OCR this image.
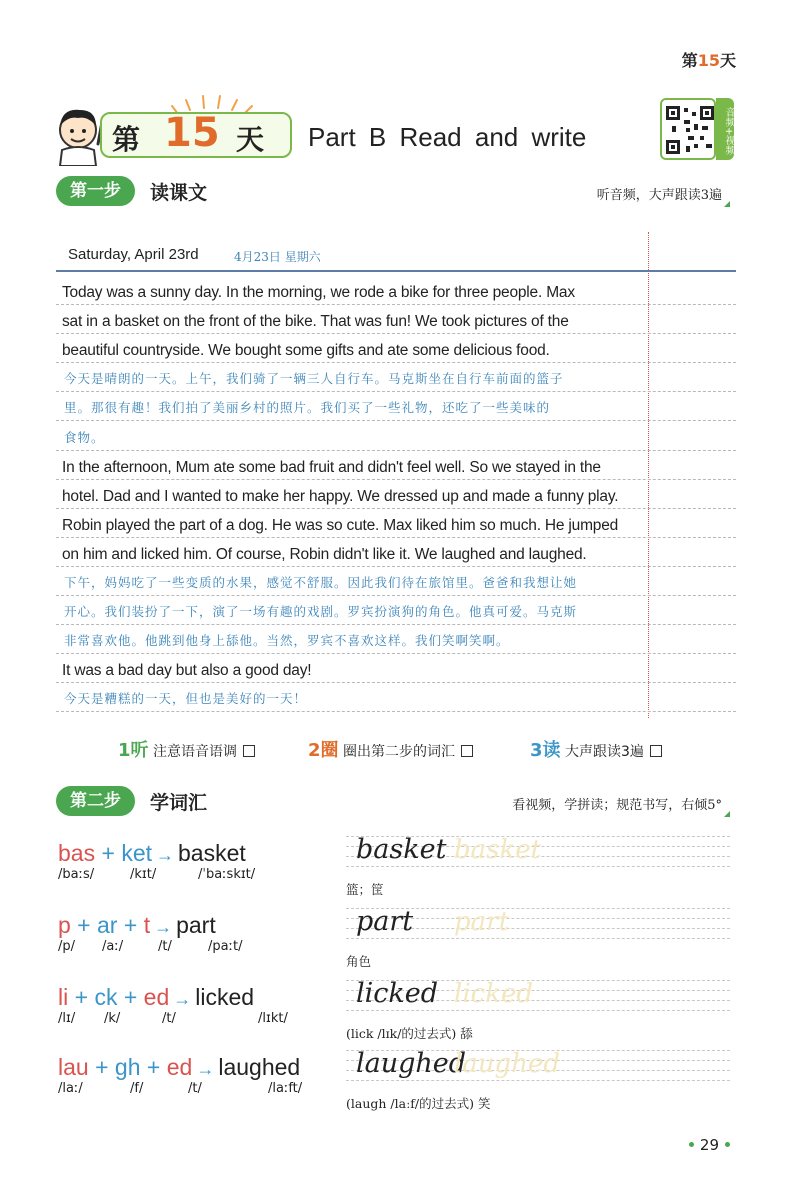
第15天
第 15 天 Part B Read and write	音频+视频
第一步	读课文	听音频，大声跟读3遍
Saturday, April 23rd	4月23日 星期六
Today was a sunny day. In the morning, we rode a bike for three people. Max
sat in a basket on the front of the bike. That was fun! We took pictures of the
beautiful countryside. We bought some gifts and ate some delicious food.
今天是晴朗的一天。上午，我们骑了一辆三人自行车。马克斯坐在自行车前面的篮子
里。那很有趣！我们拍了美丽乡村的照片。我们买了一些礼物，还吃了一些美味的
食物。
In the afternoon, Mum ate some bad fruit and didn't feel well. So we stayed in the
hotel. Dad and I wanted to make her happy. We dressed up and made a funny play.
Robin played the part of a dog. He was so cute. Max liked him so much. He jumped
on him and licked him. Of course, Robin didn't like it. We laughed and laughed.
下午，妈妈吃了一些变质的水果，感觉不舒服。因此我们待在旅馆里。爸爸和我想让她
开心。我们装扮了一下，演了一场有趣的戏剧。罗宾扮演狗的角色。他真可爱。马克斯
非常喜欢他。他跳到他身上舔他。当然，罗宾不喜欢这样。我们笑啊笑啊。
It was a bad day but also a good day!
今天是糟糕的一天，但也是美好的一天！
1听 注意语音语调	2圈 圈出第二步的词汇	3读 大声跟读3遍
第二步	学词汇	看视频，学拼读；规范书写，右倾5°
bas + ket → basket
/baːs/	/kɪt/	/ˈbaːskɪt/
basket basket
篮；筐
p + ar + t → part
/p/ /aː/	/t/	/paːt/
part part
角色
li + ck + ed → licked
/lɪ/ /k/	/t/	/lɪkt/
licked licked
(lick /lɪk/的过去式) 舔
lau + gh + ed → laughed
/laː/	/f/	/t/	/laːft/
laughed
laughed
(laugh /laːf/的过去式) 笑
29
